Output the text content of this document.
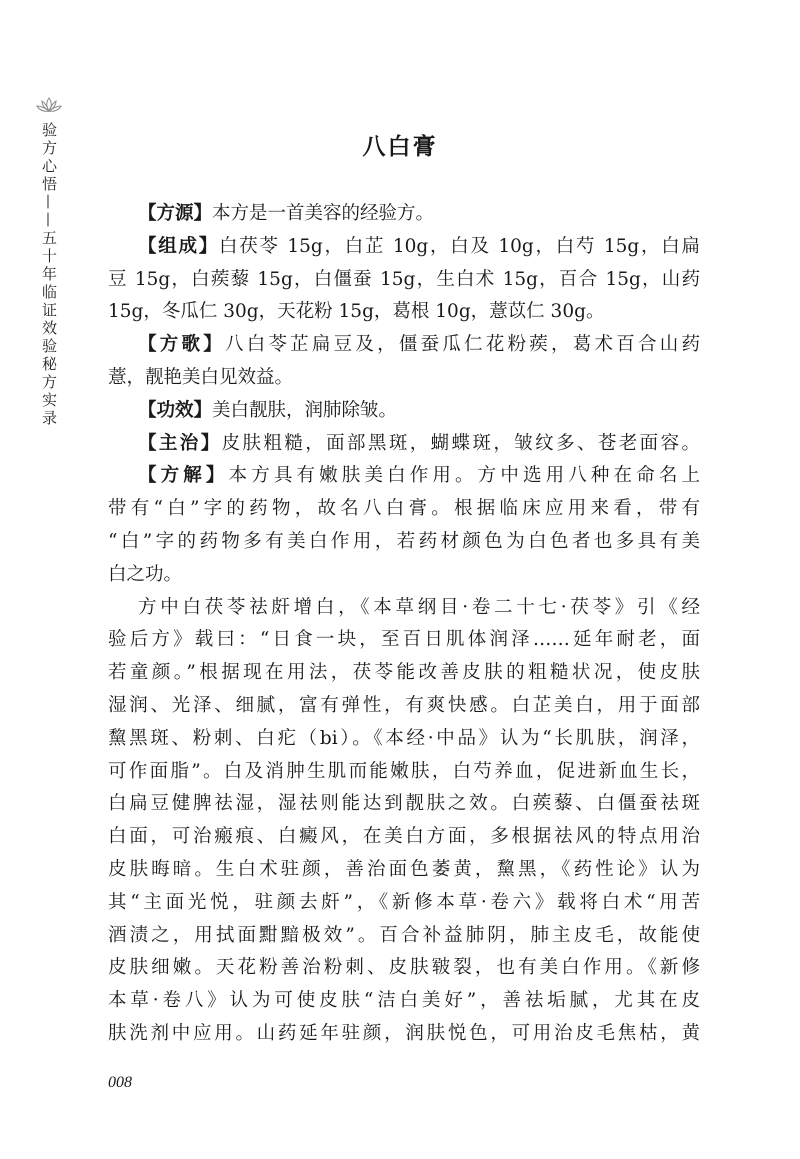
验方心悟——五十年临证效验秘方实录	八白膏
【方源】本方是一首美容的经验方。
【组成】白茯苓 15g，白芷 10g，白及 10g，白芍 15g，白扁
豆 15g，白蒺藜 15g，白僵蚕 15g，生白术 15g，百合 15g，山药
15g，冬瓜仁 30g，天花粉 15g，葛根 10g，薏苡仁 30g。
【方歌】八白苓芷扁豆及，僵蚕瓜仁花粉蒺，葛术百合山药
薏，靓艳美白见效益。
【功效】美白靓肤，润肺除皱。
【主治】皮肤粗糙，面部黑斑，蝴蝶斑，皱纹多、苍老面容。
【方解】本方具有嫩肤美白作用。方中选用八种在命名上
带有“白”字的药物，故名八白膏。根据临床应用来看，带有
“白”字的药物多有美白作用，若药材颜色为白色者也多具有美
白之功。
方中白茯苓祛皯增白，《本草纲目·卷二十七·茯苓》引《经
验后方》载曰：“日食一块，至百日肌体润泽……延年耐老，面
若童颜。”根据现在用法，茯苓能改善皮肤的粗糙状况，使皮肤
湿润、光泽、细腻，富有弹性，有爽快感。白芷美白，用于面部
黧黑斑、粉刺、白疕（bi）。《本经·中品》认为“长肌肤，润泽，
可作面脂”。白及消肿生肌而能嫩肤，白芍养血，促进新血生长，
白扁豆健脾祛湿，湿祛则能达到靓肤之效。白蒺藜、白僵蚕祛斑
白面，可治瘢痕、白癜风，在美白方面，多根据祛风的特点用治
皮肤晦暗。生白术驻颜，善治面色萎黄，黧黑，《药性论》认为
其“主面光悦，驻颜去皯”，《新修本草·卷六》载将白术“用苦
酒渍之，用拭面黚黯极效”。百合补益肺阴，肺主皮毛，故能使
皮肤细嫩。天花粉善治粉刺、皮肤皲裂，也有美白作用。《新修
本草·卷八》认为可使皮肤“洁白美好”，善祛垢腻，尤其在皮
肤洗剂中应用。山药延年驻颜，润肤悦色，可用治皮毛焦枯，黄
008
